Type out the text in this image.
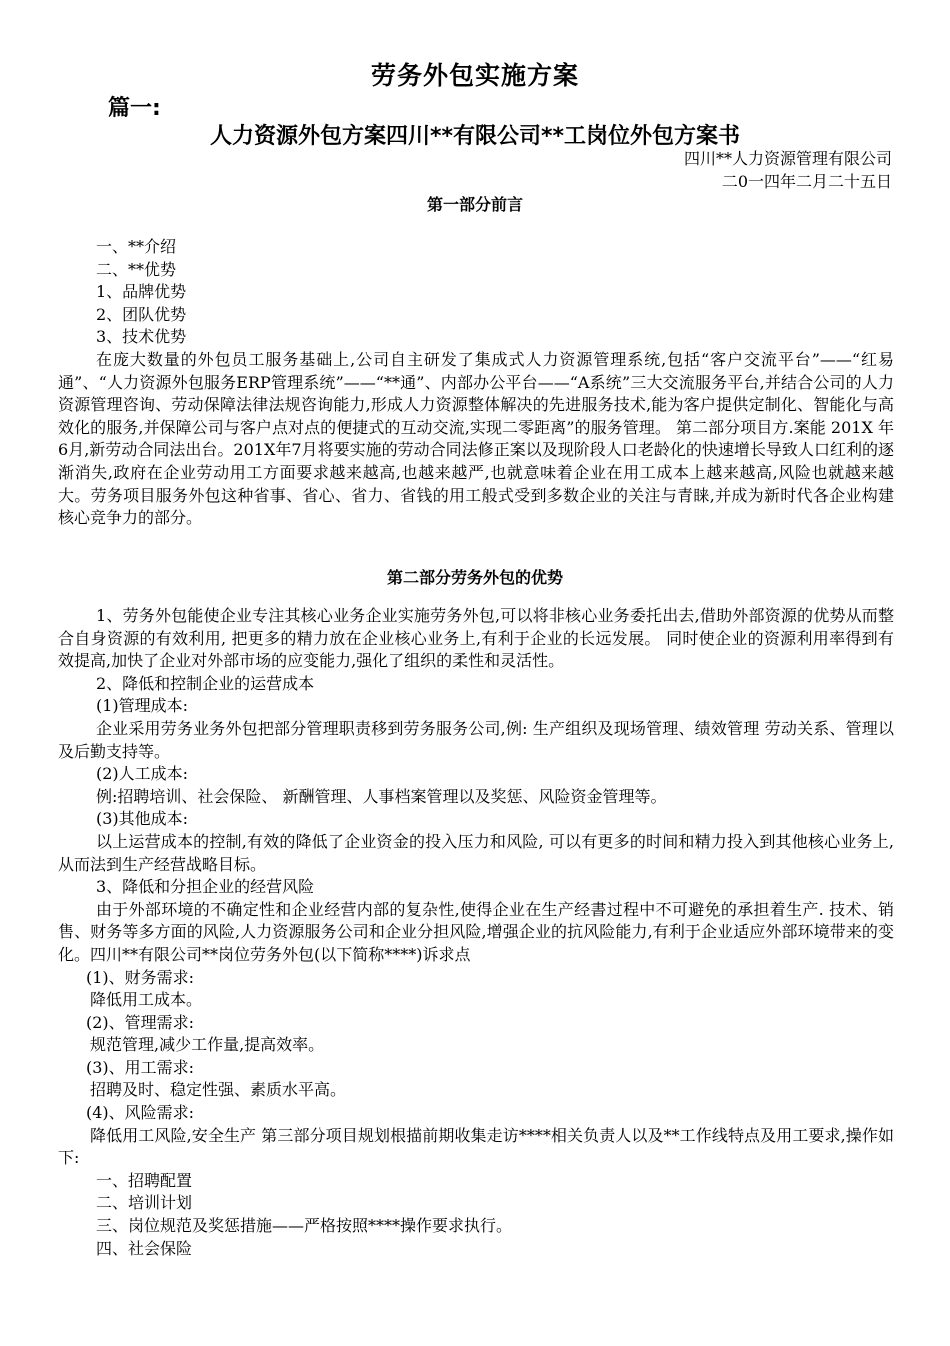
劳务外包实施方案
篇一:
人力资源外包方案四川**有限公司**工岗位外包方案书
四川**人力资源管理有限公司
二0一四年二月二十五日
第一部分前言

一、**介绍

二、**优势

1、品牌优势

2、团队优势

3、技术优势

在庞大数量的外包员工服务基础上,公司自主研发了集成式人力资源管理系统,包括“客户交流平台”——“红易通”、“人力资源外包服务ERP管理系统”——“**通”、内部办公平台——“A系统”三大交流服务平台,并结合公司的人力资源管理咨询、劳动保障法律法规咨询能力,形成人力资源整体解决的先进服务技术,能为客户提供定制化、智能化与高效化的服务,并保障公司与客户点对点的便捷式的互动交流,实现二零距离”的服务管理。 第二部分项目方.案能 201X 年6月,新劳动合同法出台。201X年7月将要实施的劳动合同法修正案以及现阶段人口老龄化的快速增长导致人口红利的逐渐消失,政府在企业劳动用工方面要求越来越高,也越来越严,也就意味着企业在用工成本上越来越高,风险也就越来越大。劳务项目服务外包这种省事、省心、省力、省钱的用工般式受到多数企业的关注与青睐,并成为新时代各企业构建核心竞争力的部分。

第二部分劳务外包的优势

1、劳务外包能使企业专注其核心业务企业实施劳务外包,可以将非核心业务委托出去,借助外部资源的优势从而整合自身资源的有效利用, 把更多的精力放在企业核心业务上,有利于企业的长远发展。 同时使企业的资源利用率得到有效提高,加快了企业对外部市场的应变能力,强化了组织的柔性和灵活性。

2、降低和控制企业的运营成本

(1)管理成本:

企业采用劳务业务外包把部分管理职责移到劳务服务公司,例: 生产组织及现场管理、绩效管理 劳动关系、管理以及后勤支持等。

(2)人工成本:

例:招聘培训、社会保险、 新酬管理、人事档案管理以及奖惩、风险资金管理等。

(3)其他成本:

以上运营成本的控制,有效的降低了企业资金的投入压力和风险, 可以有更多的时间和精力投入到其他核心业务上,从而法到生产经营战略目标。

3、降低和分担企业的经营风险

由于外部环境的不确定性和企业经营内部的复杂性,使得企业在生产经書过程中不可避免的承担着生产. 技术、销售、财务等多方面的风险,人力资源服务公司和企业分担风险,增强企业的抗风险能力,有利于企业适应外部环境带来的变化。四川**有限公司**岗位劳务外包(以下简称****)诉求点

(1)、财务需求:

降低用工成本。

(2)、管理需求:

规范管理,减少工作量,提高效率。

(3)、用工需求:

招聘及时、稳定性强、素质水平高。

(4)、风险需求:

降低用工风险,安全生产 第三部分项目规划根描前期收集走访****相关负责人以及**工作线特点及用工要求,操作如下:

一、招聘配置

二、培训计划

三、岗位规范及奖惩措施——严格按照****操作要求执行。

四、社会保险
